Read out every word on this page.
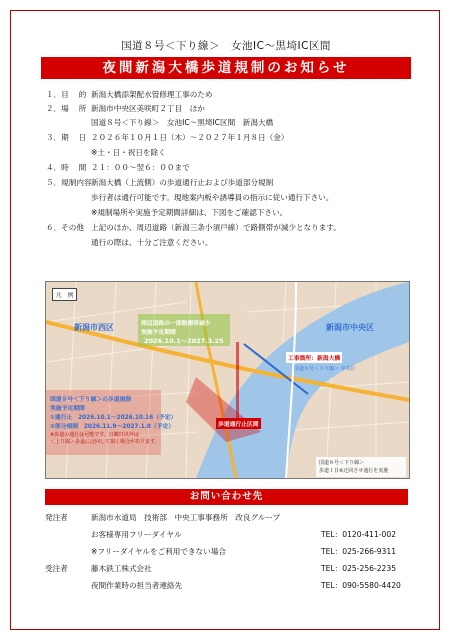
国道８号＜下り線＞　女池IC～黒埼IC区間
夜間新潟大橋歩道規制のお知らせ
１．目　 的 新潟大橋添架配水管修理工事のため
２．場　 所 新潟市中央区美咲町２丁目　ほか
国道８号＜下り線＞　女池IC～黒埼IC区間　新潟大橋
３．期　 日 ２０２６年１０月１日（木）～２０２７年１月８日（金）
※土・日・祝日を除く
４．時　 間 ２１：００～翌６：００まで
５．規制内容 新潟大橋（上流側）の歩道通行止および歩道部分規制
歩行者は通行可能です。現地案内板や誘導員の指示に従い通行下さい。
※規制場所や実施予定期間詳細は、下図をご確認下さい。
６．その他 上記のほか、周辺道路（新潟三条小須戸線）で路側帯が減少となります。
通行の際は、十分ご注意ください。
凡　例
新潟市西区	新潟市中央区
周辺道路の一部路側帯減少
実施予定期間
2026.10.1～2027.3.25
工事箇所：新潟大橋
国道８号＜下り線＞ 中央区
国道８号＜下り線＞の歩道規制
実施予定期間
①通行止　2026.10.1～2026.10.16（予定）
②部分規制　2026.11.9～2027.1.8（予定）
※歩道の通行は可能です。日曜日以外は
＜上り線＞歩道に迂回して頂く場合があります。
歩道通行止区間
国道８号＜下り線＞
歩道１日※迂回させ通行を実施
お問い合わせ先
発注者	新潟市水道局　技術部　中央工事事務所　改良グループ
お客様専用フリーダイヤル	TEL：0120-411-002
※フリーダイヤルをご利用できない場合	TEL：025-266-9311
受注者	藤木鉄工株式会社	TEL：025-256-2235
夜間作業時の担当者連絡先	TEL：090-5580-4420
